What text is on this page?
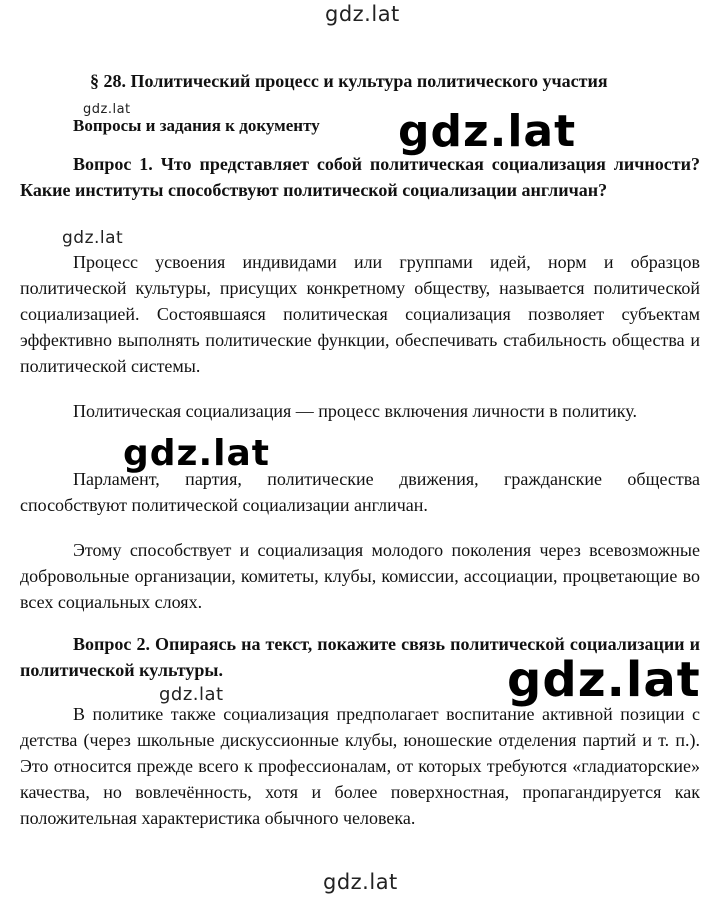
gdz.lat
§ 28. Политический процесс и культура политического участия
gdz.lat
Вопросы и задания к документу

Вопрос 1. Что представляет собой политическая социализация личности? Какие институты способствуют политической социализации англичан?

gdz.lat
gdz.lat

Процесс усвоения индивидами или группами идей, норм и образцов политической культуры, присущих конкретному обществу, называется политической социализацией. Состоявшаяся политическая социализация позволяет субъектам эффективно выполнять политические функции, обеспечивать стабильность общества и политической системы.

Политическая социализация — процесс включения личности в политику.

gdz.lat

Парламент, партия, политические движения, гражданские общества способствуют политической социализации англичан.

Этому способствует и социализация молодого поколения через всевозможные добровольные организации, комитеты, клубы, комиссии, ассоциации, процветающие во всех социальных слоях.

Вопрос 2. Опираясь на текст, покажите связь политической социализации и политической культуры.	gdz.lat
gdz.lat

В политике также социализация предполагает воспитание активной позиции с детства (через школьные дискуссионные клубы, юношеские отделения партий и т. п.). Это относится прежде всего к профессионалам, от которых требуются «гладиаторские» качества, но вовлечённость, хотя и более поверхностная, пропагандируется как положительная характеристика обычного человека.

gdz.lat
